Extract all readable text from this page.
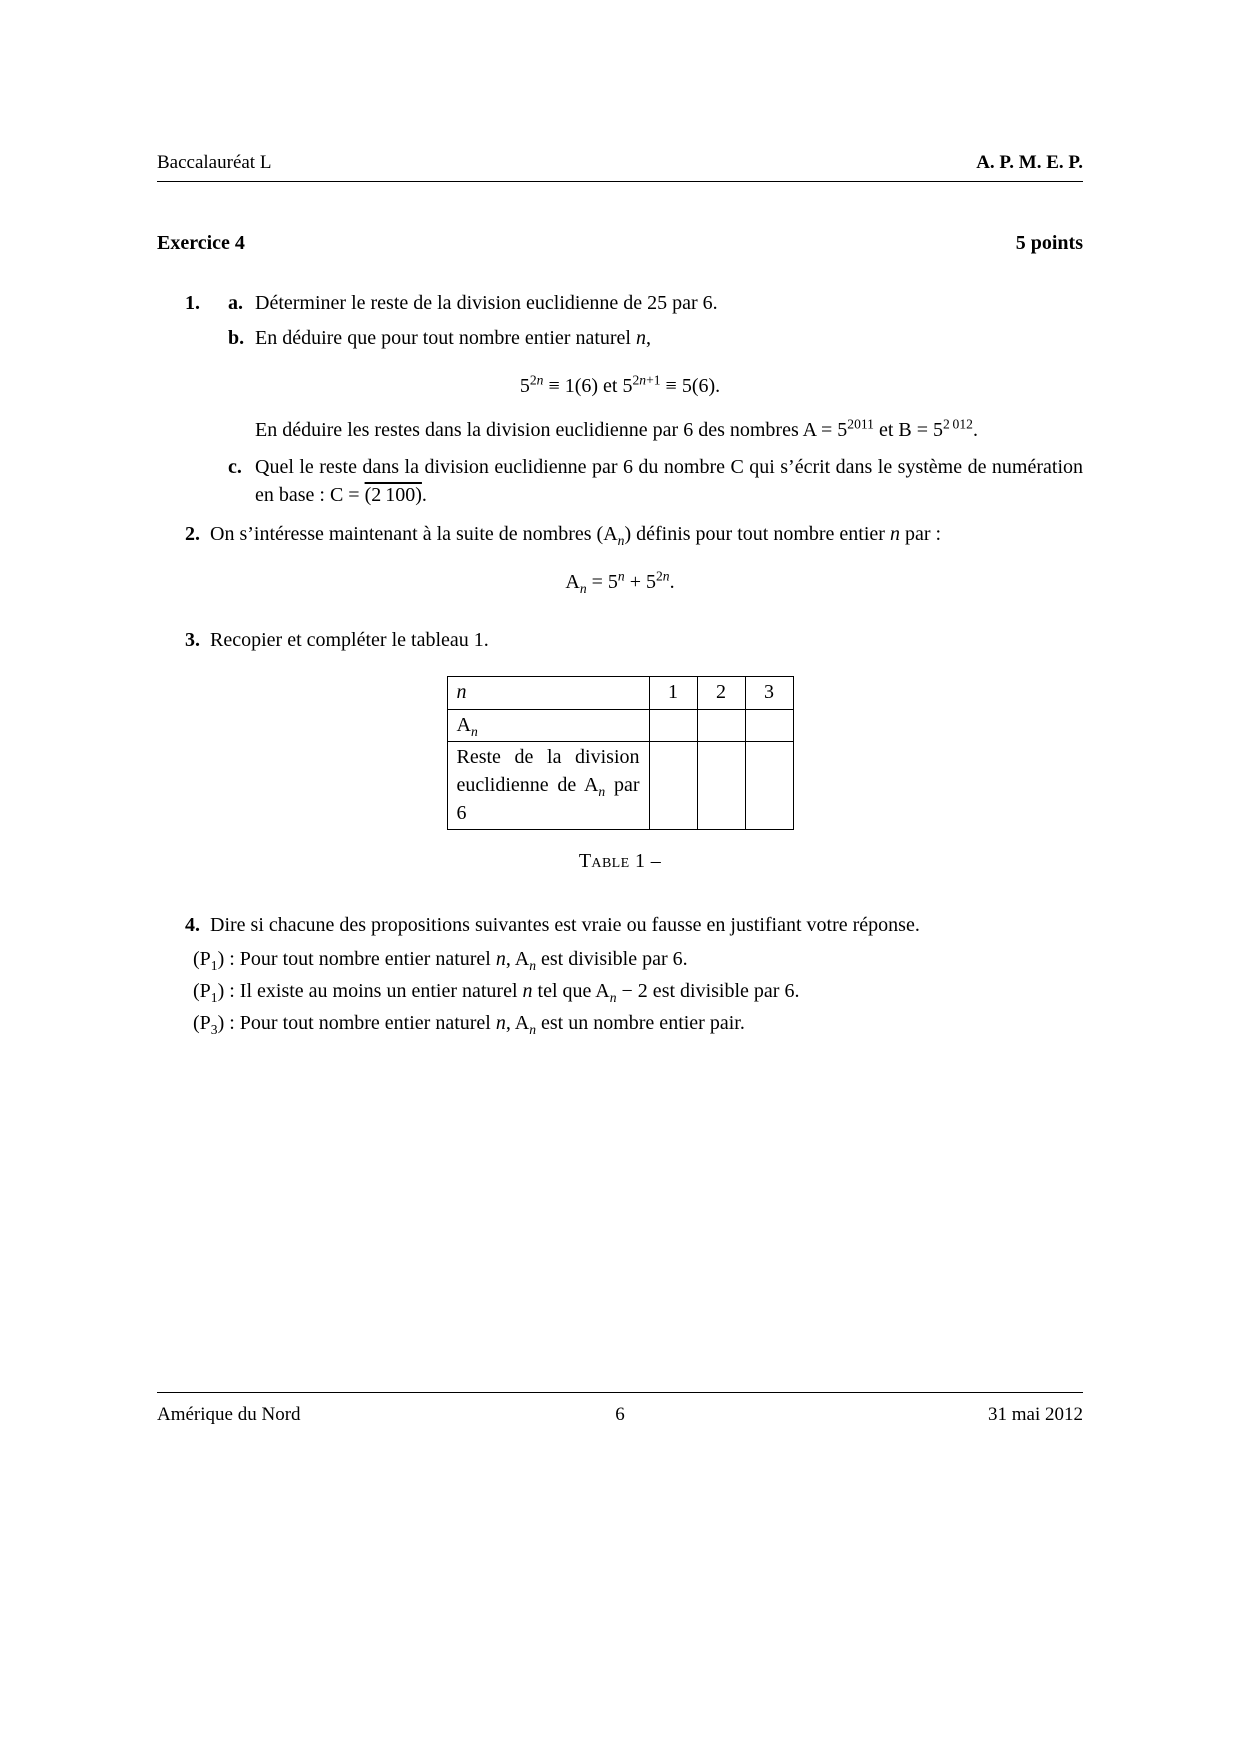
Baccalauréat L	A. P. M. E. P.
Exercice 4	5 points
1. a. Déterminer le reste de la division euclidienne de 25 par 6.
b. En déduire que pour tout nombre entier naturel n,
$5^{2n} \equiv 1(6)$ et $5^{2n+1} \equiv 5(6)$.
En déduire les restes dans la division euclidienne par 6 des nombres $A = 5^{2011}$ et $B = 5^{2 012}$.
c. Quel le reste dans la division euclidienne par 6 du nombre C qui s’écrit dans le système de numération en base : C = (2 100).
2. On s’intéresse maintenant à la suite de nombres $(A_n)$ définis pour tout nombre entier n par :
$A_n = 5^n + 5^{2n}$.
3. Recopier et compléter le tableau 1.
n	1	2	3
$A_n$			
Reste de la division euclidienne de $A_n$ par 6			
Table 1 –
4. Dire si chacune des propositions suivantes est vraie ou fausse en justifiant votre réponse.
$(P_1)$ : Pour tout nombre entier naturel n, $A_n$ est divisible par 6.
$(P_1)$ : Il existe au moins un entier naturel n tel que $A_n - 2$ est divisible par 6.
$(P_3)$ : Pour tout nombre entier naturel n, $A_n$ est un nombre entier pair.
Amérique du Nord	6	31 mai 2012
